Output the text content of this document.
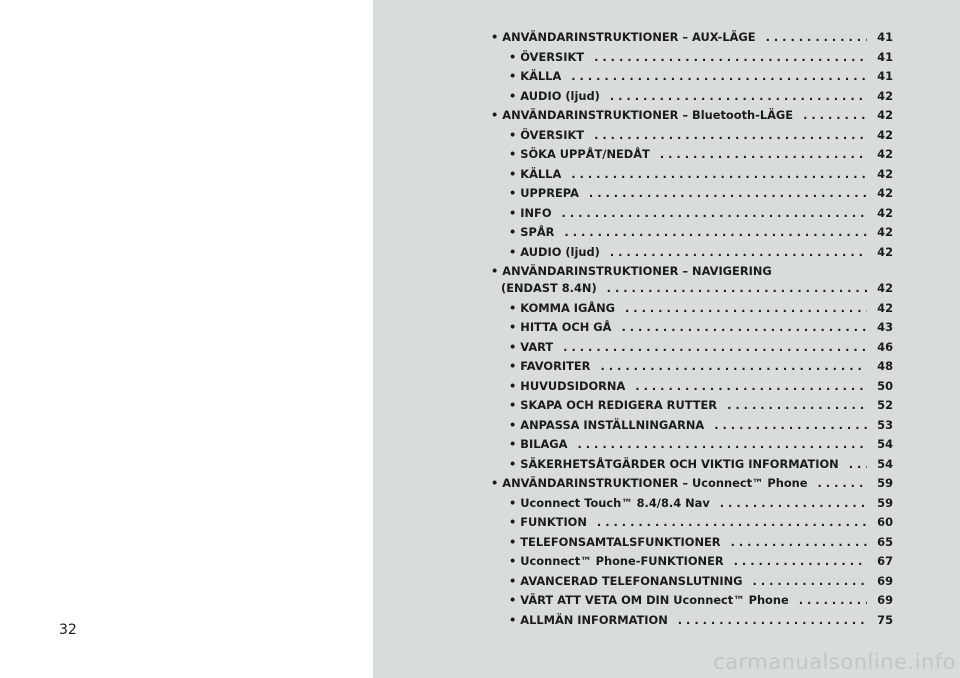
32
• ANVÄNDARINSTRUKTIONER – AUX-LÄGE . . .	41
• ÖVERSIKT . . .	41
• KÄLLA . . .	41
• AUDIO (ljud) . . .	42
• ANVÄNDARINSTRUKTIONER – Bluetooth-LÄGE . . .	42
• ÖVERSIKT . . .	42
• SÖKA UPPÅT/NEDÅT . . .	42
• KÄLLA . . .	42
• UPPREPA . . .	42
• INFO . . .	42
• SPÅR . . .	42
• AUDIO (ljud) . . .	42
• ANVÄNDARINSTRUKTIONER – NAVIGERING
(ENDAST 8.4N) . . .	42
• KOMMA IGÅNG . . .	42
• HITTA OCH GÅ . . .	43
• VART . . .	46
• FAVORITER . . .	48
• HUVUDSIDORNA . . .	50
• SKAPA OCH REDIGERA RUTTER . . .	52
• ANPASSA INSTÄLLNINGARNA . . .	53
• BILAGA . . .	54
• SÄKERHETSÅTGÄRDER OCH VIKTIG INFORMATION . . .	54
• ANVÄNDARINSTRUKTIONER – Uconnect™ Phone . . .	59
• Uconnect Touch™ 8.4/8.4 Nav . . .	59
• FUNKTION . . .	60
• TELEFONSAMTALSFUNKTIONER . . .	65
• Uconnect™ Phone-FUNKTIONER . . .	67
• AVANCERAD TELEFONANSLUTNING . . .	69
• VÄRT ATT VETA OM DIN Uconnect™ Phone . . .	69
• ALLMÄN INFORMATION . . .	75
carmanualsonline.info
